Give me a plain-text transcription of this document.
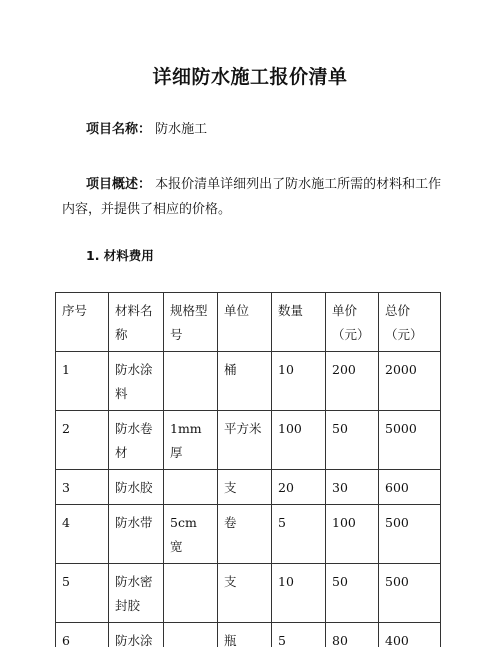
详细防水施工报价清单
项目名称： 防水施工
项目概述： 本报价清单详细列出了防水施工所需的材料和工作内容，并提供了相应的价格。
1. 材料费用
序号	材料名称	规格型号	单位	数量	单价（元）	总价（元）
1	防水涂料		桶	10	200	2000
2	防水卷材	1mm 厚	平方米	100	50	5000
3	防水胶		支	20	30	600
4	防水带	5cm 宽	卷	5	100	500
5	防水密封胶		支	10	50	500
6	防水涂		瓶	5	80	400
